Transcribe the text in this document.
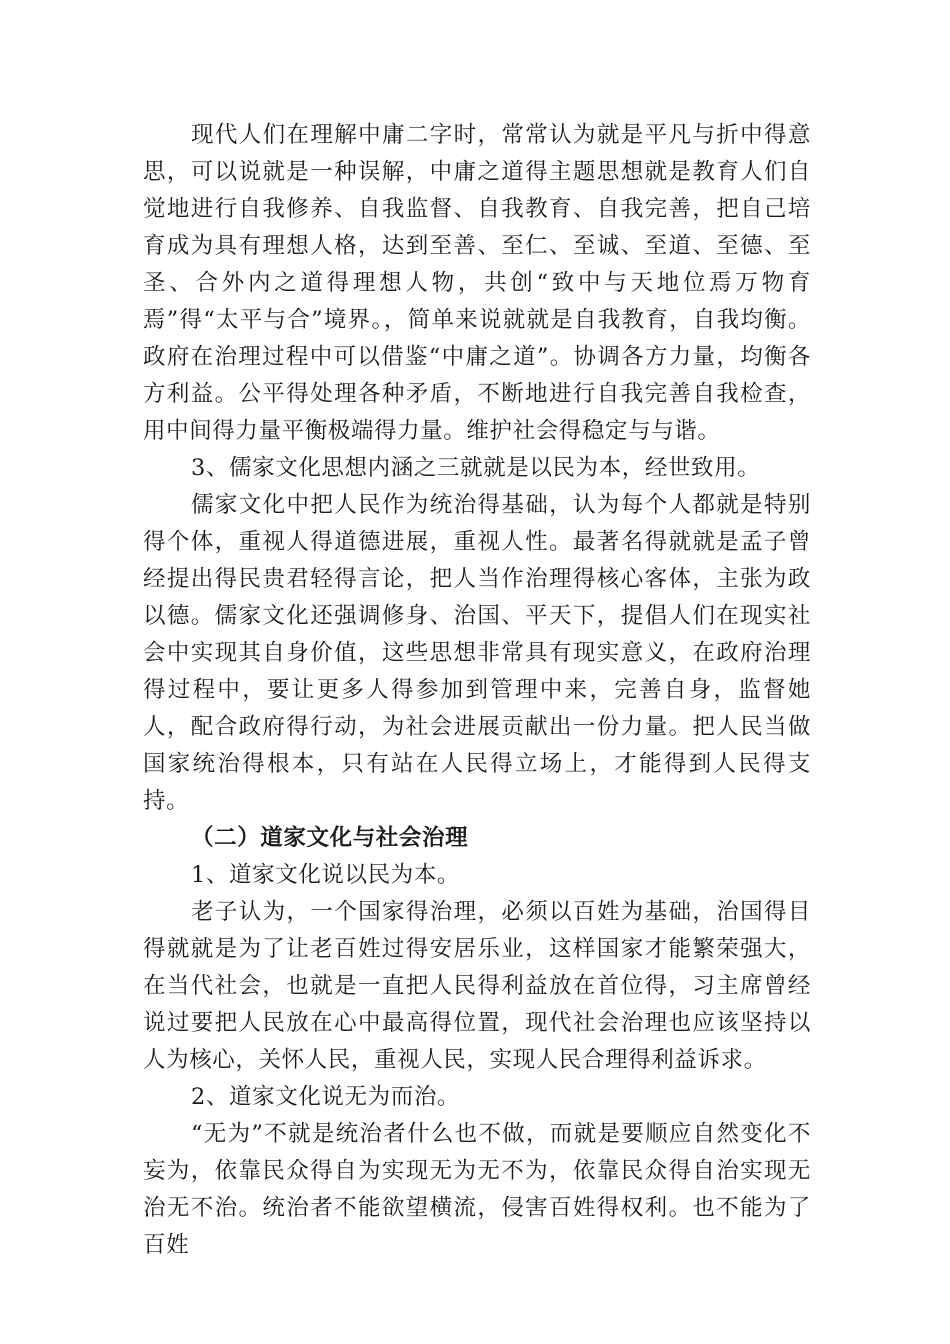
现代人们在理解中庸二字时，常常认为就是平凡与折中得意思，可以说就是一种误解，中庸之道得主题思想就是教育人们自觉地进行自我修养、自我监督、自我教育、自我完善，把自己培育成为具有理想人格，达到至善、至仁、至诚、至道、至德、至圣、合外内之道得理想人物，共创“致中与天地位焉万物育焉”得“太平与合”境界。，简单来说就就是自我教育，自我均衡。政府在治理过程中可以借鉴“中庸之道”。协调各方力量，均衡各方利益。公平得处理各种矛盾，不断地进行自我完善自我检查，用中间得力量平衡极端得力量。维护社会得稳定与与谐。

3、儒家文化思想内涵之三就就是以民为本，经世致用。

儒家文化中把人民作为统治得基础，认为每个人都就是特别得个体，重视人得道德进展，重视人性。最著名得就就是孟子曾经提出得民贵君轻得言论，把人当作治理得核心客体，主张为政以德。儒家文化还强调修身、治国、平天下，提倡人们在现实社会中实现其自身价值，这些思想非常具有现实意义，在政府治理得过程中，要让更多人得参加到管理中来，完善自身，监督她人，配合政府得行动，为社会进展贡献出一份力量。把人民当做国家统治得根本，只有站在人民得立场上，才能得到人民得支持。

（二）道家文化与社会治理

1、道家文化说以民为本。

老子认为，一个国家得治理，必须以百姓为基础，治国得目得就就是为了让老百姓过得安居乐业，这样国家才能繁荣强大，在当代社会，也就是一直把人民得利益放在首位得，习主席曾经说过要把人民放在心中最高得位置，现代社会治理也应该坚持以人为核心，关怀人民，重视人民，实现人民合理得利益诉求。

2、道家文化说无为而治。

“无为”不就是统治者什么也不做，而就是要顺应自然变化不妄为，依靠民众得自为实现无为无不为，依靠民众得自治实现无治无不治。统治者不能欲望横流，侵害百姓得权利。也不能为了百姓
